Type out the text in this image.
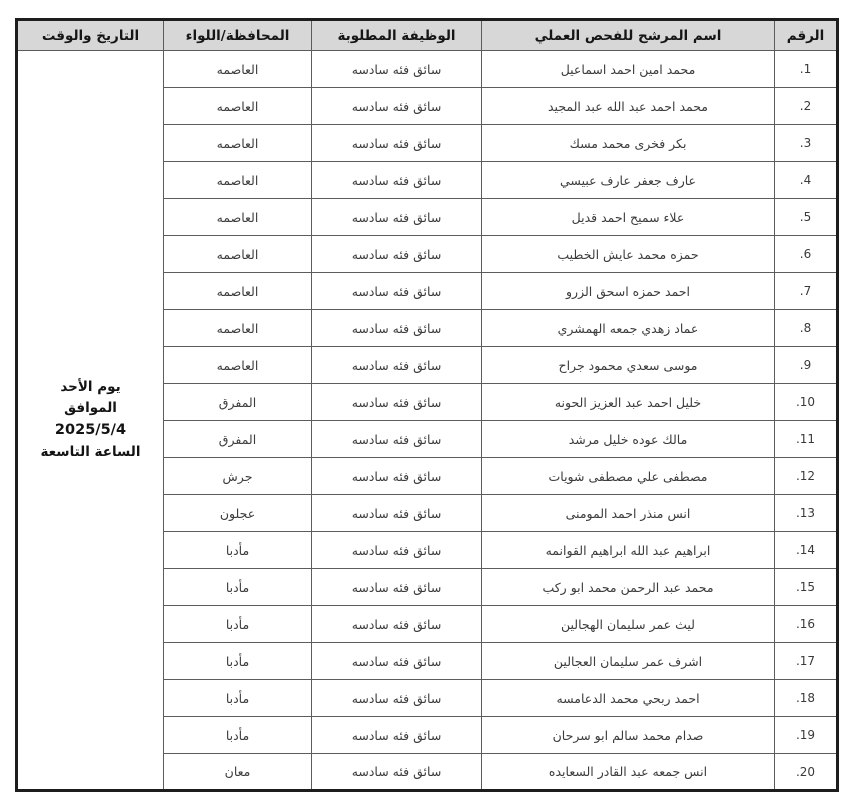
الرقم	اسم المرشح للفحص العملي	الوظيفة المطلوبة	المحافظة/اللواء	التاريخ والوقت
1.	محمد امين احمد اسماعيل	سائق فئه سادسه	العاصمه	يوم الأحد
الموافق
2025/5/4
الساعة التاسعة

2.	محمد احمد عبد الله عبد المجيد	سائق فئه سادسه	العاصمه	
3.	بكر فخرى محمد مسك	سائق فئه سادسه	العاصمه	
4.	عارف جعفر عارف عبيسي	سائق فئه سادسه	العاصمه	
5.	علاء سميح احمد قديل	سائق فئه سادسه	العاصمه	
6.	حمزه محمد عايش الخطيب	سائق فئه سادسه	العاصمه	
7.	احمد حمزه اسحق الزرو	سائق فئه سادسه	العاصمه	
8.	عماد زهدي جمعه الهمشري	سائق فئه سادسه	العاصمه	
9.	موسى سعدي محمود جراح	سائق فئه سادسه	العاصمه	
10.	خليل احمد عبد العزيز الحونه	سائق فئه سادسه	المفرق	
11.	مالك عوده خليل مرشد	سائق فئه سادسه	المفرق	
12.	مصطفى علي مصطفى شويات	سائق فئه سادسه	جرش	
13.	انس منذر احمد المومنى	سائق فئه سادسه	عجلون	
14.	ابراهيم عبد الله ابراهيم القوانمه	سائق فئه سادسه	مأدبا	
15.	محمد عبد الرحمن محمد ابو ركب	سائق فئه سادسه	مأدبا	
16.	ليث عمر سليمان الهجالين	سائق فئه سادسه	مأدبا	
17.	اشرف عمر سليمان العجالين	سائق فئه سادسه	مأدبا	
18.	احمد ربحي محمد الدعامسه	سائق فئه سادسه	مأدبا	
19.	صدام محمد سالم ابو سرحان	سائق فئه سادسه	مأدبا	
20.	انس جمعه عبد القادر السعايده	سائق فئه سادسه	معان	
